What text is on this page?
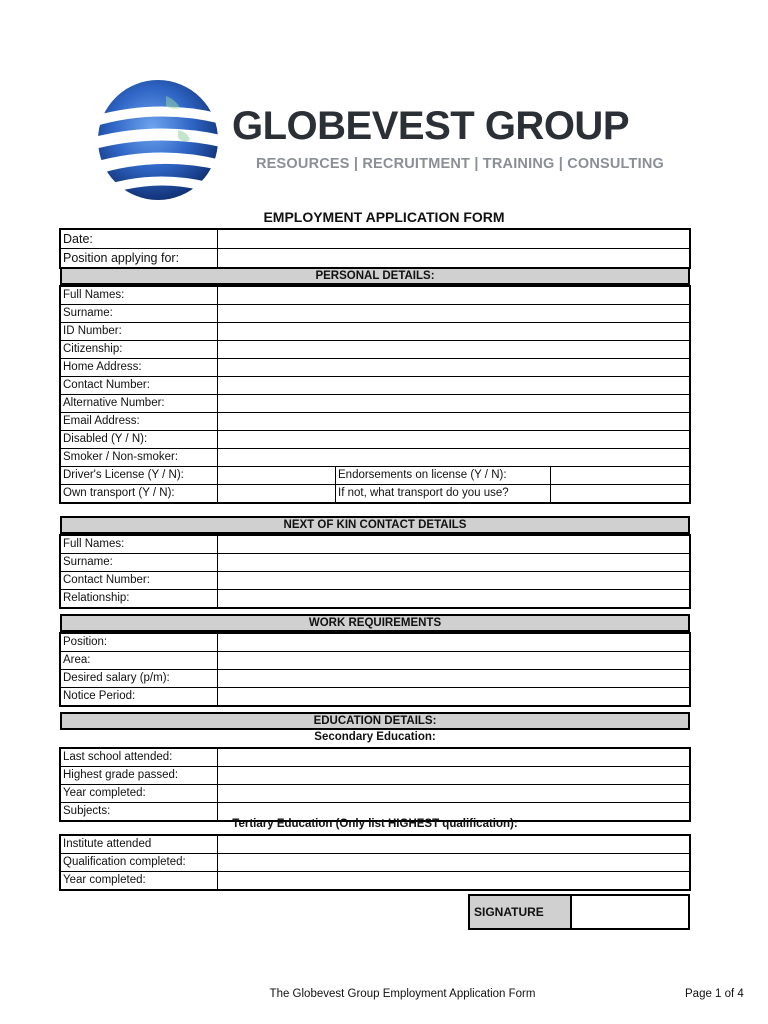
GLOBEVEST GROUP
RESOURCES | RECRUITMENT | TRAINING | CONSULTING
EMPLOYMENT APPLICATION FORM
Date:	
Position applying for:	
PERSONAL DETAILS:
Full Names:			
Surname:			
ID Number:			
Citizenship:			
Home Address:			
Contact Number:			
Alternative Number:			
Email Address:			
Disabled (Y / N):			
Smoker / Non-smoker:			
Driver's License (Y / N):		Endorsements on license (Y / N):	
Own transport (Y / N):		If not, what transport do you use?	
NEXT OF KIN CONTACT DETAILS
Full Names:	
Surname:	
Contact Number:	
Relationship:	
WORK REQUIREMENTS
Position:	
Area:	
Desired salary (p/m):	
Notice Period:	
EDUCATION DETAILS:
Secondary Education:
Last school attended:	
Highest grade passed:	
Year completed:	
Subjects:	
Tertiary Education (Only list HIGHEST qualification):
Institute attended	
Qualification completed:	
Year completed:	
SIGNATURE
The Globevest Group Employment Application Form	Page 1 of 4
